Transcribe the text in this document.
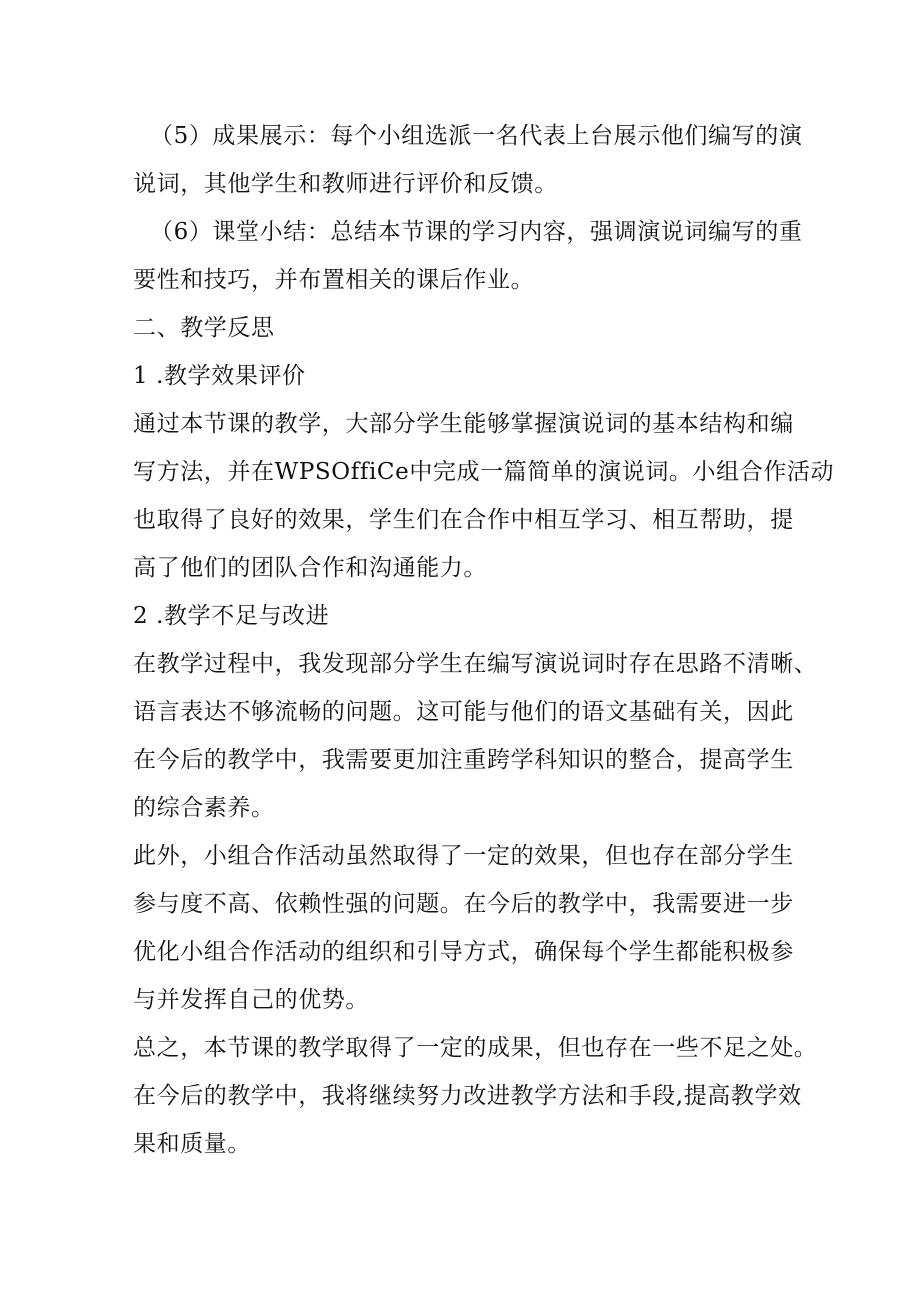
（5）成果展示：每个小组选派一名代表上台展示他们编写的演
说词，其他学生和教师进行评价和反馈。
（6）课堂小结：总结本节课的学习内容，强调演说词编写的重
要性和技巧，并布置相关的课后作业。
二、教学反思
1 .教学效果评价
通过本节课的教学，大部分学生能够掌握演说词的基本结构和编
写方法，并在WPSOffiCe中完成一篇简单的演说词。小组合作活动
也取得了良好的效果，学生们在合作中相互学习、相互帮助，提
高了他们的团队合作和沟通能力。
2 .教学不足与改进
在教学过程中，我发现部分学生在编写演说词时存在思路不清晰、
语言表达不够流畅的问题。这可能与他们的语文基础有关，因此
在今后的教学中，我需要更加注重跨学科知识的整合，提高学生
的综合素养。
此外，小组合作活动虽然取得了一定的效果，但也存在部分学生
参与度不高、依赖性强的问题。在今后的教学中，我需要进一步
优化小组合作活动的组织和引导方式，确保每个学生都能积极参
与并发挥自己的优势。
总之，本节课的教学取得了一定的成果，但也存在一些不足之处。
在今后的教学中，我将继续努力改进教学方法和手段,提高教学效
果和质量。
